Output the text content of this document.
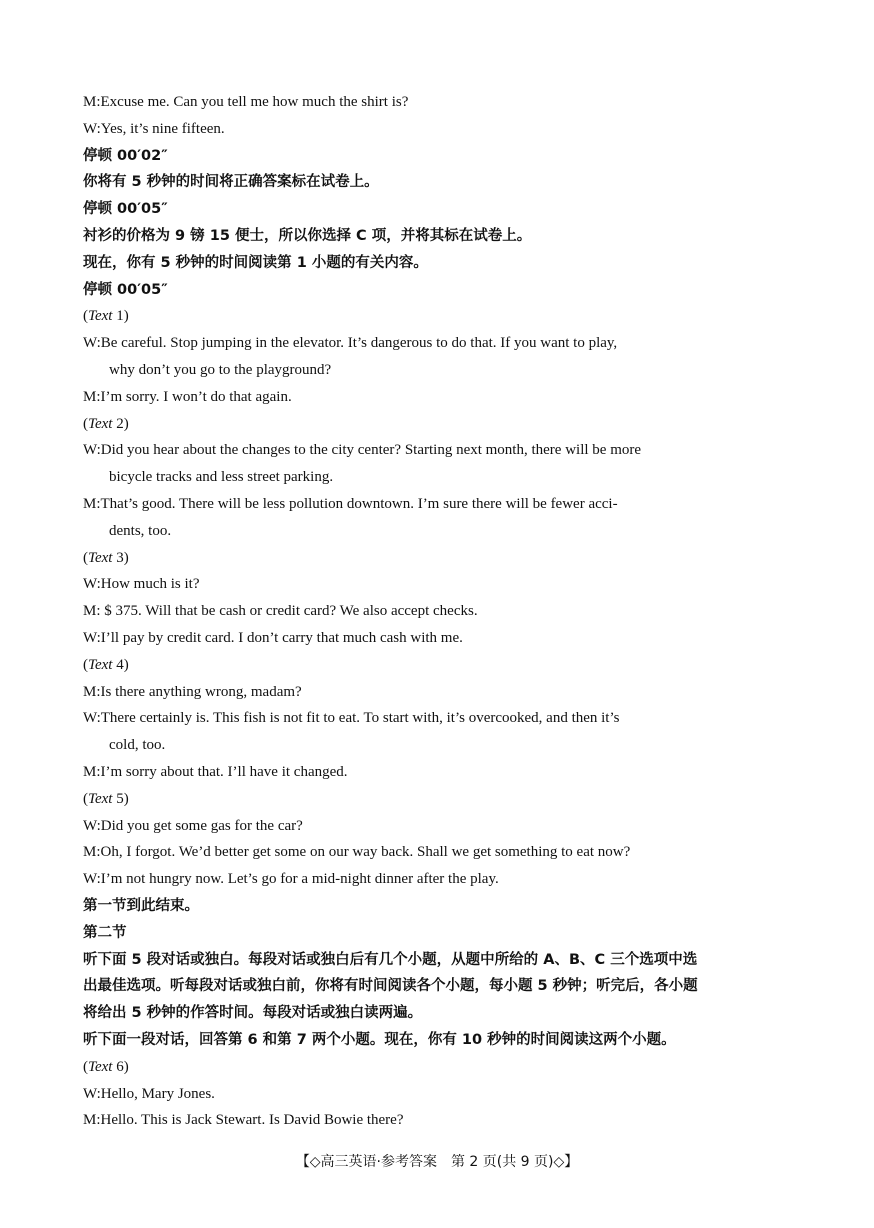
M:Excuse me. Can you tell me how much the shirt is?
W:Yes, it’s nine fifteen.
停顿 00′02″
你将有 5 秒钟的时间将正确答案标在试卷上。
停顿 00′05″
衬衫的价格为 9 镑 15 便士，所以你选择 C 项，并将其标在试卷上。
现在，你有 5 秒钟的时间阅读第 1 小题的有关内容。
停顿 00′05″
(Text 1)
W:Be careful. Stop jumping in the elevator. It’s dangerous to do that. If you want to play,
why don’t you go to the playground?
M:I’m sorry. I won’t do that again.
(Text 2)
W:Did you hear about the changes to the city center? Starting next month, there will be more
bicycle tracks and less street parking.
M:That’s good. There will be less pollution downtown. I’m sure there will be fewer acci-
dents, too.
(Text 3)
W:How much is it?
M: $ 375. Will that be cash or credit card? We also accept checks.
W:I’ll pay by credit card. I don’t carry that much cash with me.
(Text 4)
M:Is there anything wrong, madam?
W:There certainly is. This fish is not fit to eat. To start with, it’s overcooked, and then it’s
cold, too.
M:I’m sorry about that. I’ll have it changed.
(Text 5)
W:Did you get some gas for the car?
M:Oh, I forgot. We’d better get some on our way back. Shall we get something to eat now?
W:I’m not hungry now. Let’s go for a mid-night dinner after the play.
第一节到此结束。
第二节
听下面 5 段对话或独白。每段对话或独白后有几个小题，从题中所给的 A、B、C 三个选项中选
出最佳选项。听每段对话或独白前，你将有时间阅读各个小题，每小题 5 秒钟；听完后，各小题
将给出 5 秒钟的作答时间。每段对话或独白读两遍。
听下面一段对话，回答第 6 和第 7 两个小题。现在，你有 10 秒钟的时间阅读这两个小题。
(Text 6)
W:Hello, Mary Jones.
M:Hello. This is Jack Stewart. Is David Bowie there?
【◇高三英语·参考答案　第 2 页(共 9 页)◇】
